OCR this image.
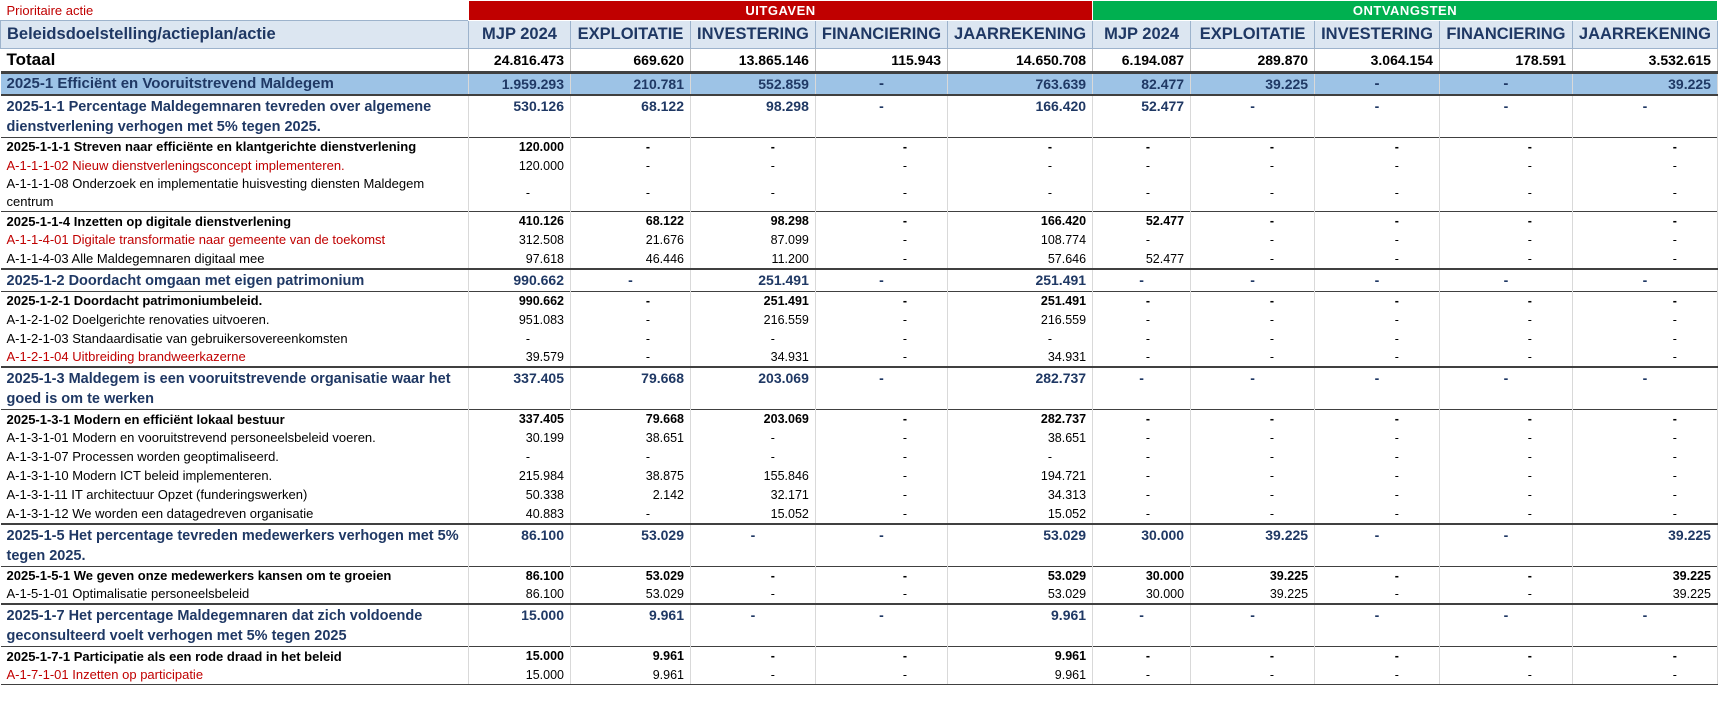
Prioritaire actie	UITGAVEN					ONTVANGSTEN				
Beleidsdoelstelling/actieplan/actie	MJP 2024	EXPLOITATIE	INVESTERING	FINANCIERING	JAARREKENING	MJP 2024	EXPLOITATIE	INVESTERING	FINANCIERING	JAARREKENING
Totaal	24.816.473	669.620	13.865.146	115.943	14.650.708	6.194.087	289.870	3.064.154	178.591	3.532.615
2025-1 Efficiënt en Vooruitstrevend Maldegem	1.959.293	210.781	552.859	-	763.639	82.477	39.225	-	-	39.225
2025-1-1 Percentage Maldegemnaren tevreden over algemene dienstverlening verhogen met 5% tegen 2025.	530.126	68.122	98.298	-	166.420	52.477	-	-	-	-
2025-1-1-1 Streven naar efficiënte en klantgerichte dienstverlening	120.000	-	-	-	-	-	-	-	-	-
A-1-1-1-02 Nieuw dienstverleningsconcept implementeren.	120.000	-	-	-	-	-	-	-	-	-
A-1-1-1-08 Onderzoek en implementatie huisvesting diensten Maldegem centrum	-	-	-	-	-	-	-	-	-	-
2025-1-1-4 Inzetten op digitale dienstverlening	410.126	68.122	98.298	-	166.420	52.477	-	-	-	-
A-1-1-4-01 Digitale transformatie naar gemeente van de toekomst	312.508	21.676	87.099	-	108.774	-	-	-	-	-
A-1-1-4-03 Alle Maldegemnaren digitaal mee	97.618	46.446	11.200	-	57.646	52.477	-	-	-	-
2025-1-2 Doordacht omgaan met eigen patrimonium	990.662	-	251.491	-	251.491	-	-	-	-	-
2025-1-2-1 Doordacht patrimoniumbeleid.	990.662	-	251.491	-	251.491	-	-	-	-	-
A-1-2-1-02 Doelgerichte renovaties uitvoeren.	951.083	-	216.559	-	216.559	-	-	-	-	-
A-1-2-1-03 Standaardisatie van gebruikersovereenkomsten	-	-	-	-	-	-	-	-	-	-
A-1-2-1-04 Uitbreiding brandweerkazerne	39.579	-	34.931	-	34.931	-	-	-	-	-
2025-1-3 Maldegem is een vooruitstrevende organisatie waar het goed is om te werken	337.405	79.668	203.069	-	282.737	-	-	-	-	-
2025-1-3-1 Modern en efficiënt lokaal bestuur	337.405	79.668	203.069	-	282.737	-	-	-	-	-
A-1-3-1-01 Modern en vooruitstrevend personeelsbeleid voeren.	30.199	38.651	-	-	38.651	-	-	-	-	-
A-1-3-1-07 Processen worden geoptimaliseerd.	-	-	-	-	-	-	-	-	-	-
A-1-3-1-10 Modern ICT beleid implementeren.	215.984	38.875	155.846	-	194.721	-	-	-	-	-
A-1-3-1-11 IT architectuur Opzet (funderingswerken)	50.338	2.142	32.171	-	34.313	-	-	-	-	-
A-1-3-1-12 We worden een datagedreven organisatie	40.883	-	15.052	-	15.052	-	-	-	-	-
2025-1-5 Het percentage tevreden medewerkers verhogen met 5% tegen 2025.	86.100	53.029	-	-	53.029	30.000	39.225	-	-	39.225
2025-1-5-1 We geven onze medewerkers kansen om te groeien	86.100	53.029	-	-	53.029	30.000	39.225	-	-	39.225
A-1-5-1-01 Optimalisatie personeelsbeleid	86.100	53.029	-	-	53.029	30.000	39.225	-	-	39.225
2025-1-7 Het percentage Maldegemnaren dat zich voldoende geconsulteerd voelt verhogen met 5% tegen 2025	15.000	9.961	-	-	9.961	-	-	-	-	-
2025-1-7-1 Participatie als een rode draad in het beleid	15.000	9.961	-	-	9.961	-	-	-	-	-
A-1-7-1-01 Inzetten op participatie	15.000	9.961	-	-	9.961	-	-	-	-	-
